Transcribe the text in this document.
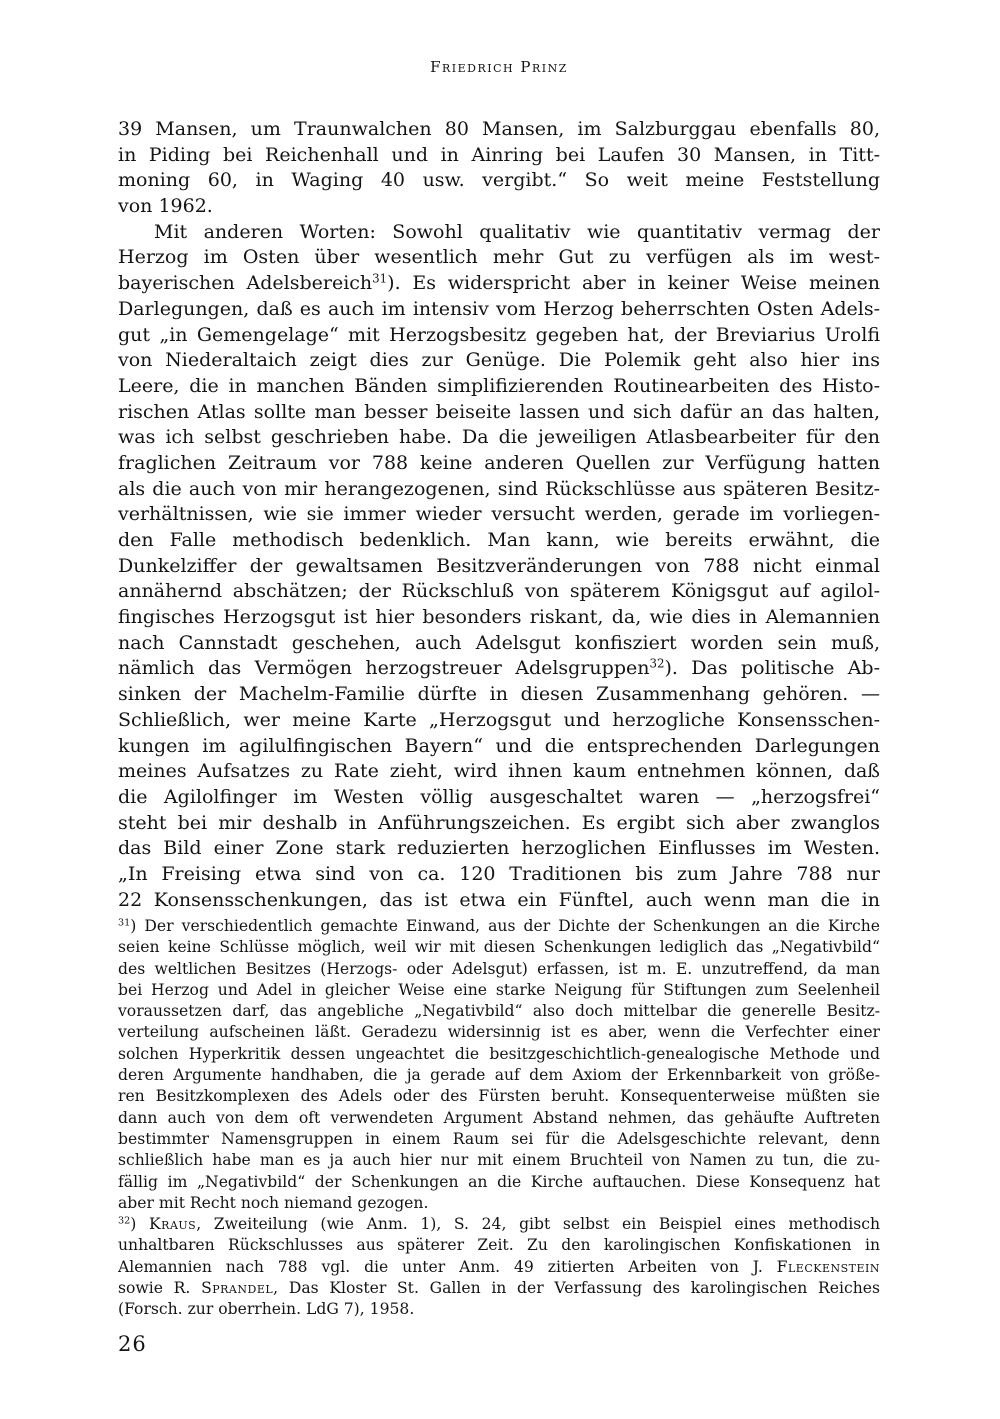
Friedrich Prinz
39 Mansen, um Traunwalchen 80 Mansen, im Salzburggau ebenfalls 80,
in Piding bei Reichenhall und in Ainring bei Laufen 30 Mansen, in Titt-
moning 60, in Waging 40 usw. vergibt.“ So weit meine Feststellung
von 1962.
Mit anderen Worten: Sowohl qualitativ wie quantitativ vermag der
Herzog im Osten über wesentlich mehr Gut zu verfügen als im west-
bayerischen Adelsbereich$^{31}$). Es widerspricht aber in keiner Weise meinen
Darlegungen, daß es auch im intensiv vom Herzog beherrschten Osten Adels-
gut „in Gemengelage“ mit Herzogsbesitz gegeben hat, der Breviarius Urolfi
von Niederaltaich zeigt dies zur Genüge. Die Polemik geht also hier ins
Leere, die in manchen Bänden simplifizierenden Routinearbeiten des Histo-
rischen Atlas sollte man besser beiseite lassen und sich dafür an das halten,
was ich selbst geschrieben habe. Da die jeweiligen Atlasbearbeiter für den
fraglichen Zeitraum vor 788 keine anderen Quellen zur Verfügung hatten
als die auch von mir herangezogenen, sind Rückschlüsse aus späteren Besitz-
verhältnissen, wie sie immer wieder versucht werden, gerade im vorliegen-
den Falle methodisch bedenklich. Man kann, wie bereits erwähnt, die
Dunkelziffer der gewaltsamen Besitzveränderungen von 788 nicht einmal
annähernd abschätzen; der Rückschluß von späterem Königsgut auf agilol-
fingisches Herzogsgut ist hier besonders riskant, da, wie dies in Alemannien
nach Cannstadt geschehen, auch Adelsgut konfisziert worden sein muß,
nämlich das Vermögen herzogstreuer Adelsgruppen$^{32}$). Das politische Ab-
sinken der Machelm-Familie dürfte in diesen Zusammenhang gehören. —
Schließlich, wer meine Karte „Herzogsgut und herzogliche Konsensschen-
kungen im agilulfingischen Bayern“ und die entsprechenden Darlegungen
meines Aufsatzes zu Rate zieht, wird ihnen kaum entnehmen können, daß
die Agilolfinger im Westen völlig ausgeschaltet waren — „herzogsfrei“
steht bei mir deshalb in Anführungszeichen. Es ergibt sich aber zwanglos
das Bild einer Zone stark reduzierten herzoglichen Einflusses im Westen.
„In Freising etwa sind von ca. 120 Traditionen bis zum Jahre 788 nur
22 Konsensschenkungen, das ist etwa ein Fünftel, auch wenn man die in
$^{31}$) Der verschiedentlich gemachte Einwand, aus der Dichte der Schenkungen an die Kirche
seien keine Schlüsse möglich, weil wir mit diesen Schenkungen lediglich das „Negativbild“
des weltlichen Besitzes (Herzogs- oder Adelsgut) erfassen, ist m. E. unzutreffend, da man
bei Herzog und Adel in gleicher Weise eine starke Neigung für Stiftungen zum Seelenheil
voraussetzen darf, das angebliche „Negativbild“ also doch mittelbar die generelle Besitz-
verteilung aufscheinen läßt. Geradezu widersinnig ist es aber, wenn die Verfechter einer
solchen Hyperkritik dessen ungeachtet die besitzgeschichtlich-genealogische Methode und
deren Argumente handhaben, die ja gerade auf dem Axiom der Erkennbarkeit von größe-
ren Besitzkomplexen des Adels oder des Fürsten beruht. Konsequenterweise müßten sie
dann auch von dem oft verwendeten Argument Abstand nehmen, das gehäufte Auftreten
bestimmter Namensgruppen in einem Raum sei für die Adelsgeschichte relevant, denn
schließlich habe man es ja auch hier nur mit einem Bruchteil von Namen zu tun, die zu-
fällig im „Negativbild“ der Schenkungen an die Kirche auftauchen. Diese Konsequenz hat
aber mit Recht noch niemand gezogen.
$^{32}$) Kraus, Zweiteilung (wie Anm. 1), S. 24, gibt selbst ein Beispiel eines methodisch
unhaltbaren Rückschlusses aus späterer Zeit. Zu den karolingischen Konfiskationen in
Alemannien nach 788 vgl. die unter Anm. 49 zitierten Arbeiten von J. Fleckenstein
sowie R. Sprandel, Das Kloster St. Gallen in der Verfassung des karolingischen Reiches
(Forsch. zur oberrhein. LdG 7), 1958.
26
